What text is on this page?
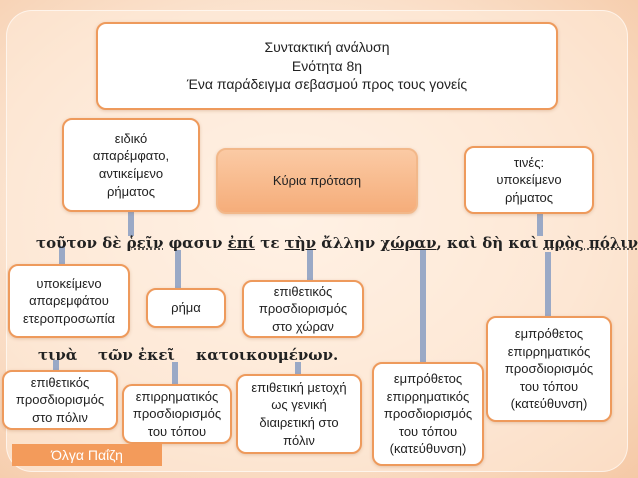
Συντακτική ανάλυση
Ενότητα 8η
Ένα παράδειγμα σεβασμού προς τους γονείς
ειδικό
απαρέμφατο,
αντικείμενο
ρήματος
Κύρια πρόταση
τινές:
υποκείμενο
ρήματος
τοῦτον δὲ ῥεῖν φασιν ἐπί τε τὴν ἄλλην χώραν, καὶ δὴ καὶ πρὸς πόλιν
υποκείμενο
απαρεμφάτου
ετεροπροσωπία
ρήμα
επιθετικός
προσδιορισμός
στο χώραν	εμπρόθετος
επιρρηματικός
προσδιορισμός
του τόπου
(κατεύθυνση)
τινὰ τῶν ἐκεῖ κατοικουμένων.
επιθετικός
προσδιορισμός
στο πόλιν
επιρρηματικός
προσδιορισμός
του τόπου
επιθετική μετοχή
ως γενική
διαιρετική στο
πόλιν
εμπρόθετος
επιρρηματικός
προσδιορισμός
του τόπου
(κατεύθυνση)
Όλγα Παΐζη
